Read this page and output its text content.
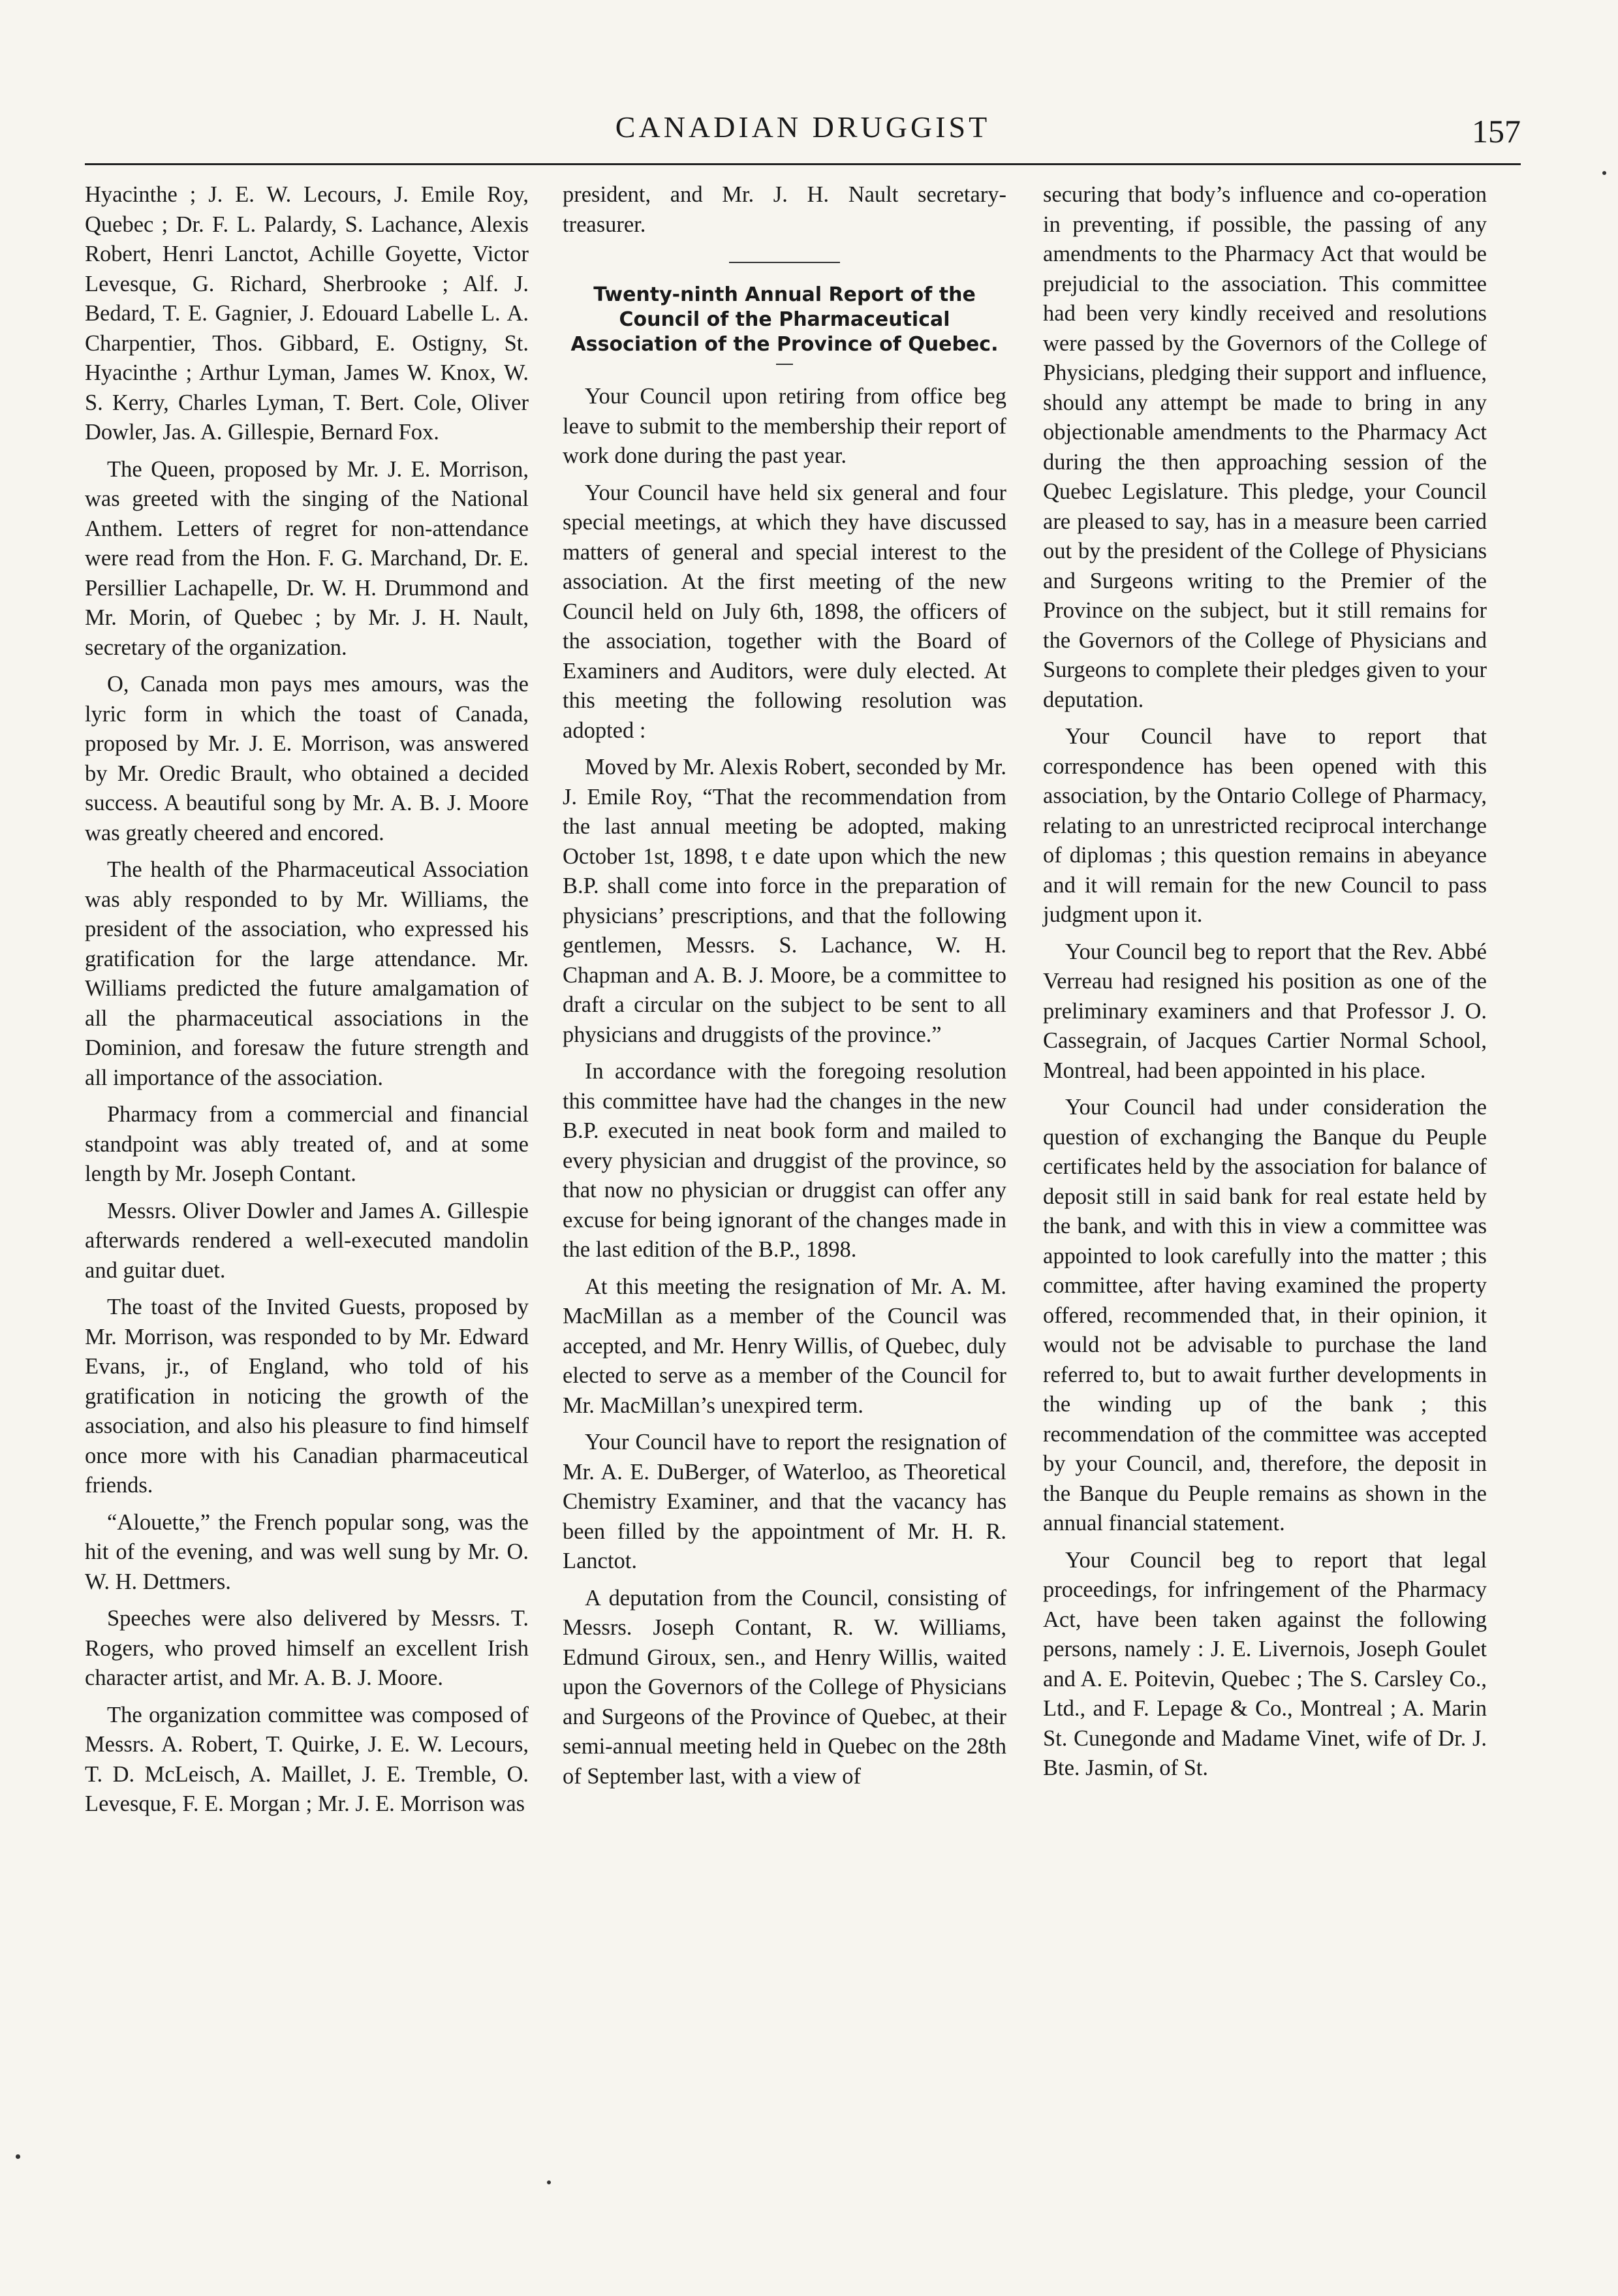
CANADIAN DRUGGIST	157

Hyacinthe ; J. E. W. Lecours, J. Emile Roy, Quebec ; Dr. F. L. Palardy, S. Lachance, Alexis Robert, Henri Lanctot, Achille Goyette, Victor Levesque, G. Richard, Sherbrooke ; Alf. J. Bedard, T. E. Gagnier, J. Edouard Labelle L. A. Charpentier, Thos. Gibbard, E. Ostigny, St. Hyacinthe ; Arthur Lyman, James W. Knox, W. S. Kerry, Charles Lyman, T. Bert. Cole, Oliver Dowler, Jas. A. Gillespie, Bernard Fox.

The Queen, proposed by Mr. J. E. Morrison, was greeted with the singing of the National Anthem. Letters of regret for non-attendance were read from the Hon. F. G. Marchand, Dr. E. Persillier Lachapelle, Dr. W. H. Drummond and Mr. Morin, of Quebec ; by Mr. J. H. Nault, secretary of the organization.

O, Canada mon pays mes amours, was the lyric form in which the toast of Canada, proposed by Mr. J. E. Morrison, was answered by Mr. Oredic Brault, who obtained a decided success. A beautiful song by Mr. A. B. J. Moore was greatly cheered and encored.

The health of the Pharmaceutical Association was ably responded to by Mr. Williams, the president of the association, who expressed his gratification for the large attendance. Mr. Williams predicted the future amalgamation of all the pharmaceutical associations in the Dominion, and foresaw the future strength and all importance of the association.

Pharmacy from a commercial and financial standpoint was ably treated of, and at some length by Mr. Joseph Contant.

Messrs. Oliver Dowler and James A. Gillespie afterwards rendered a well-executed mandolin and guitar duet.

The toast of the Invited Guests, proposed by Mr. Morrison, was responded to by Mr. Edward Evans, jr., of England, who told of his gratification in noticing the growth of the association, and also his pleasure to find himself once more with his Canadian pharmaceutical friends.

“Alouette,” the French popular song, was the hit of the evening, and was well sung by Mr. O. W. H. Dettmers.

Speeches were also delivered by Messrs. T. Rogers, who proved himself an excellent Irish character artist, and Mr. A. B. J. Moore.

The organization committee was composed of Messrs. A. Robert, T. Quirke, J. E. W. Lecours, T. D. McLeisch, A. Maillet, J. E. Tremble, O. Levesque, F. E. Morgan ; Mr. J. E. Morrison was

president, and Mr. J. H. Nault secretary-treasurer.

Twenty-ninth Annual Report of the Council of the Pharmaceutical Association of the Province of Quebec.

Your Council upon retiring from office beg leave to submit to the membership their report of work done during the past year.

Your Council have held six general and four special meetings, at which they have discussed matters of general and special interest to the association. At the first meeting of the new Council held on July 6th, 1898, the officers of the association, together with the Board of Examiners and Auditors, were duly elected. At this meeting the following resolution was adopted :

Moved by Mr. Alexis Robert, seconded by Mr. J. Emile Roy, “That the recommendation from the last annual meeting be adopted, making October 1st, 1898, t e date upon which the new B.P. shall come into force in the preparation of physicians’ prescriptions, and that the following gentlemen, Messrs. S. Lachance, W. H. Chapman and A. B. J. Moore, be a committee to draft a circular on the subject to be sent to all physicians and druggists of the province.”

In accordance with the foregoing resolution this committee have had the changes in the new B.P. executed in neat book form and mailed to every physician and druggist of the province, so that now no physician or druggist can offer any excuse for being ignorant of the changes made in the last edition of the B.P., 1898.

At this meeting the resignation of Mr. A. M. MacMillan as a member of the Council was accepted, and Mr. Henry Willis, of Quebec, duly elected to serve as a member of the Council for Mr. MacMillan’s unexpired term.

Your Council have to report the resignation of Mr. A. E. DuBerger, of Waterloo, as Theoretical Chemistry Examiner, and that the vacancy has been filled by the appointment of Mr. H. R. Lanctot.

A deputation from the Council, consisting of Messrs. Joseph Contant, R. W. Williams, Edmund Giroux, sen., and Henry Willis, waited upon the Governors of the College of Physicians and Surgeons of the Province of Quebec, at their semi-annual meeting held in Quebec on the 28th of September last, with a view of

securing that body’s influence and co-operation in preventing, if possible, the passing of any amendments to the Pharmacy Act that would be prejudicial to the association. This committee had been very kindly received and resolutions were passed by the Governors of the College of Physicians, pledging their support and influence, should any attempt be made to bring in any objectionable amendments to the Pharmacy Act during the then approaching session of the Quebec Legislature. This pledge, your Council are pleased to say, has in a measure been carried out by the president of the College of Physicians and Surgeons writing to the Premier of the Province on the subject, but it still remains for the Governors of the College of Physicians and Surgeons to complete their pledges given to your deputation.

Your Council have to report that correspondence has been opened with this association, by the Ontario College of Pharmacy, relating to an unrestricted reciprocal interchange of diplomas ; this question remains in abeyance and it will remain for the new Council to pass judgment upon it.

Your Council beg to report that the Rev. Abbé Verreau had resigned his position as one of the preliminary examiners and that Professor J. O. Cassegrain, of Jacques Cartier Normal School, Montreal, had been appointed in his place.

Your Council had under consideration the question of exchanging the Banque du Peuple certificates held by the association for balance of deposit still in said bank for real estate held by the bank, and with this in view a committee was appointed to look carefully into the matter ; this committee, after having examined the property offered, recommended that, in their opinion, it would not be advisable to purchase the land referred to, but to await further developments in the winding up of the bank ; this recommendation of the committee was accepted by your Council, and, therefore, the deposit in the Banque du Peuple remains as shown in the annual financial statement.

Your Council beg to report that legal proceedings, for infringement of the Pharmacy Act, have been taken against the following persons, namely : J. E. Livernois, Joseph Goulet and A. E. Poitevin, Quebec ; The S. Carsley Co., Ltd., and F. Lepage & Co., Montreal ; A. Marin St. Cunegonde and Madame Vinet, wife of Dr. J. Bte. Jasmin, of St.
